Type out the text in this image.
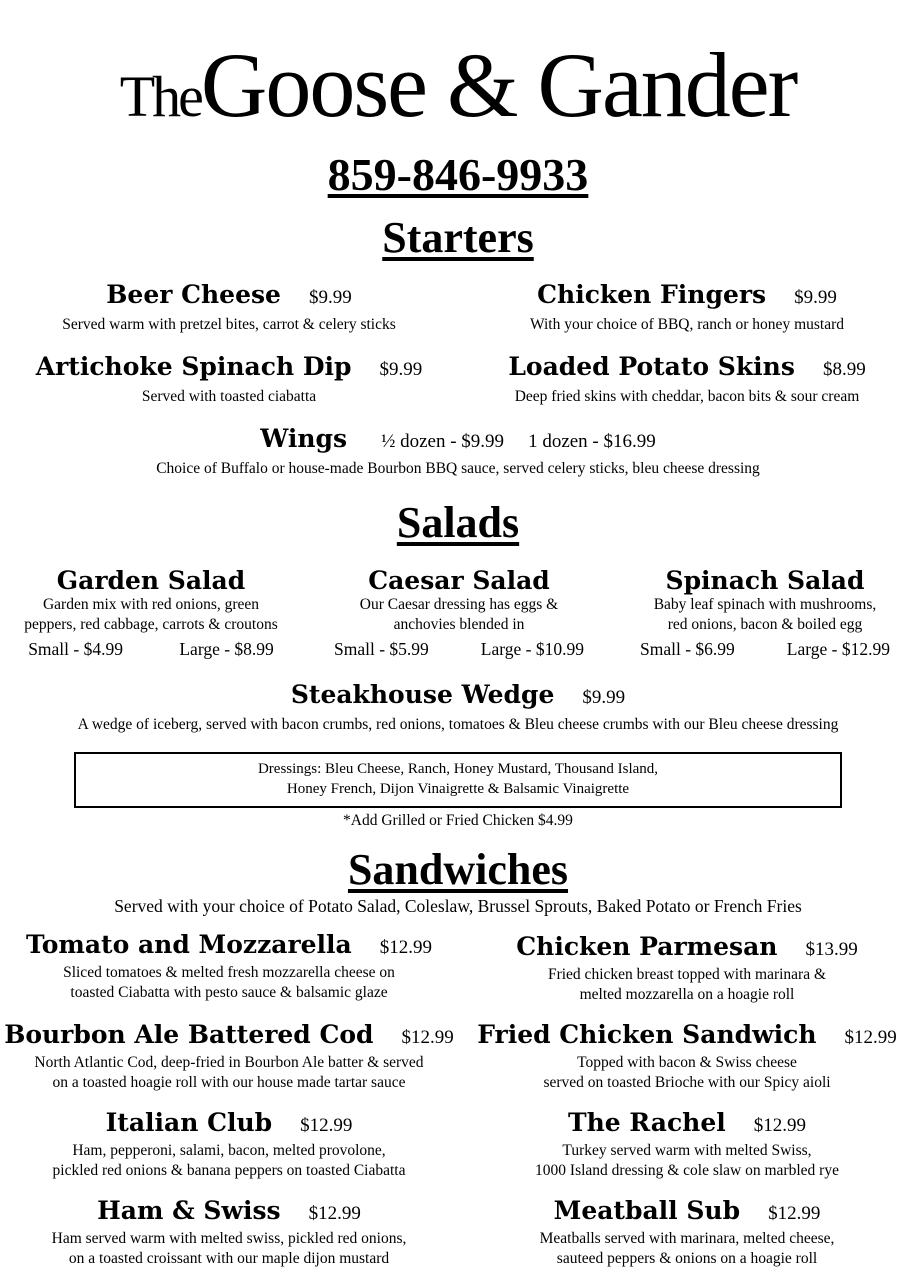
TheGoose & Gander
859-846-9933
Starters
Beer Cheese $9.99
Served warm with pretzel bites, carrot & celery sticks
Chicken Fingers $9.99
With your choice of BBQ, ranch or honey mustard
Artichoke Spinach Dip $9.99
Served with toasted ciabatta
Loaded Potato Skins $8.99
Deep fried skins with cheddar, bacon bits & sour cream
Wings ½ dozen - $9.99 1 dozen - $16.99
Choice of Buffalo or house-made Bourbon BBQ sauce, served celery sticks, bleu cheese dressing
Salads
Garden Salad
Garden mix with red onions, green
peppers, red cabbage, carrots & croutons
Small - $4.99	Large - $8.99
Caesar Salad
Our Caesar dressing has eggs &
anchovies blended in
Small - $5.99	Large - $10.99
Spinach Salad
Baby leaf spinach with mushrooms,
red onions, bacon & boiled egg
Small - $6.99	Large - $12.99
Steakhouse Wedge $9.99
A wedge of iceberg, served with bacon crumbs, red onions, tomatoes & Bleu cheese crumbs with our Bleu cheese dressing

Dressings: Bleu Cheese, Ranch, Honey Mustard, Thousand Island,

Honey French, Dijon Vinaigrette & Balsamic Vinaigrette

*Add Grilled or Fried Chicken $4.99
Sandwiches
Served with your choice of Potato Salad, Coleslaw, Brussel Sprouts, Baked Potato or French Fries
Tomato and Mozzarella $12.99
Sliced tomatoes & melted fresh mozzarella cheese on
toasted Ciabatta with pesto sauce & balsamic glaze
Chicken Parmesan $13.99
Fried chicken breast topped with marinara &
melted mozzarella on a hoagie roll
Bourbon Ale Battered Cod $12.99
North Atlantic Cod, deep-fried in Bourbon Ale batter & served
on a toasted hoagie roll with our house made tartar sauce
Fried Chicken Sandwich $12.99
Topped with bacon & Swiss cheese
served on toasted Brioche with our Spicy aioli
Italian Club $12.99
Ham, pepperoni, salami, bacon, melted provolone,
pickled red onions & banana peppers on toasted Ciabatta
The Rachel $12.99
Turkey served warm with melted Swiss,
1000 Island dressing & cole slaw on marbled rye
Ham & Swiss $12.99
Ham served warm with melted swiss, pickled red onions,
on a toasted croissant with our maple dijon mustard
Meatball Sub $12.99
Meatballs served with marinara, melted cheese,
sauteed peppers & onions on a hoagie roll
